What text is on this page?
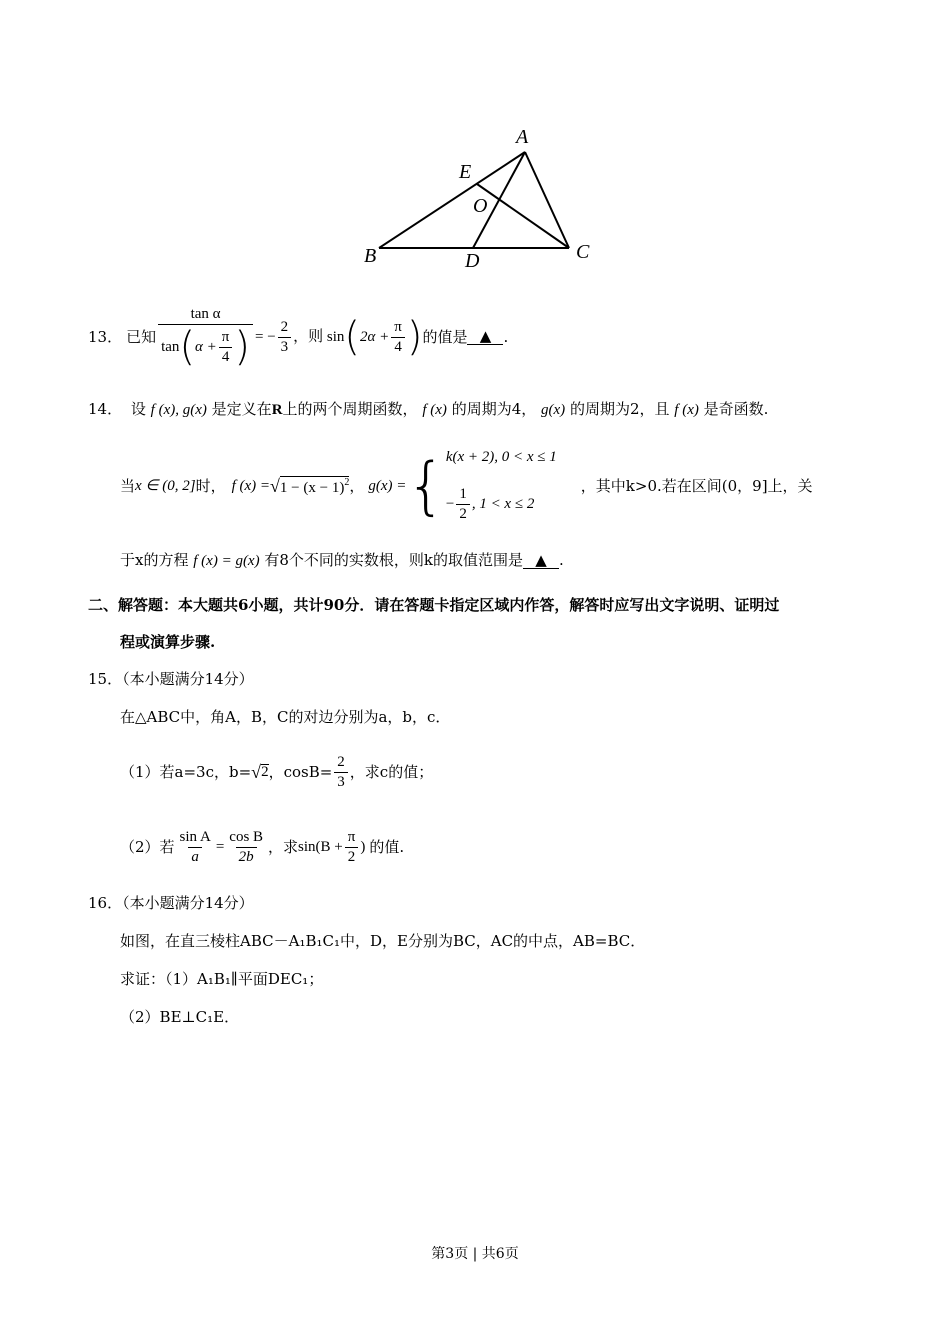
A
E
O
B	D	C
13． 已知
tan α
tan ( $\alpha + \frac{\pi}{4}$ ) = − $\frac{2}{3}$ ，则 sin ( $2\alpha + \frac{\pi}{4}$ ) 的值是 ▲ .
14． 设 f (x), g(x) 是定义在R上的两个周期函数， f (x) 的周期为4， g(x) 的周期为2，且 f (x) 是奇函数.
当 x ∈ (0, 2] 时， f (x) = √ $1 - (x - 1)^2$ ， g(x) = { k(x + 2), 0 < x ≤ 1
− $\frac{1}{2}$ , 1 < x ≤ 2
，其中k>0.若在区间(0，9]上，关
于x的方程 f (x) = g(x) 有8个不同的实数根，则k的取值范围是 ▲ .
二、解答题：本大题共6小题，共计90分．请在答题卡指定区域内作答，解答时应写出文字说明、证明过
程或演算步骤.
15．（本小题满分14分）
在△ABC中，角A，B，C的对边分别为a，b，c．
（1）若a=3c，b= √ 2 ，$\cos B= \frac{2}{3}$ ，求c的值；
（2）若 $\frac{\text{sin A}}{a} = \frac{\text{cos B}}{2b}$ ，求 $\sin(B + \frac{\pi}{2}$ ) 的值.
16．（本小题满分14分）
如图，在直三棱柱ABC－A₁B₁C₁中，D，E分别为BC，AC的中点，AB=BC．
求证：（1）A₁B₁∥平面DEC₁；
（2）BE⊥C₁E．
第3页 | 共6页
